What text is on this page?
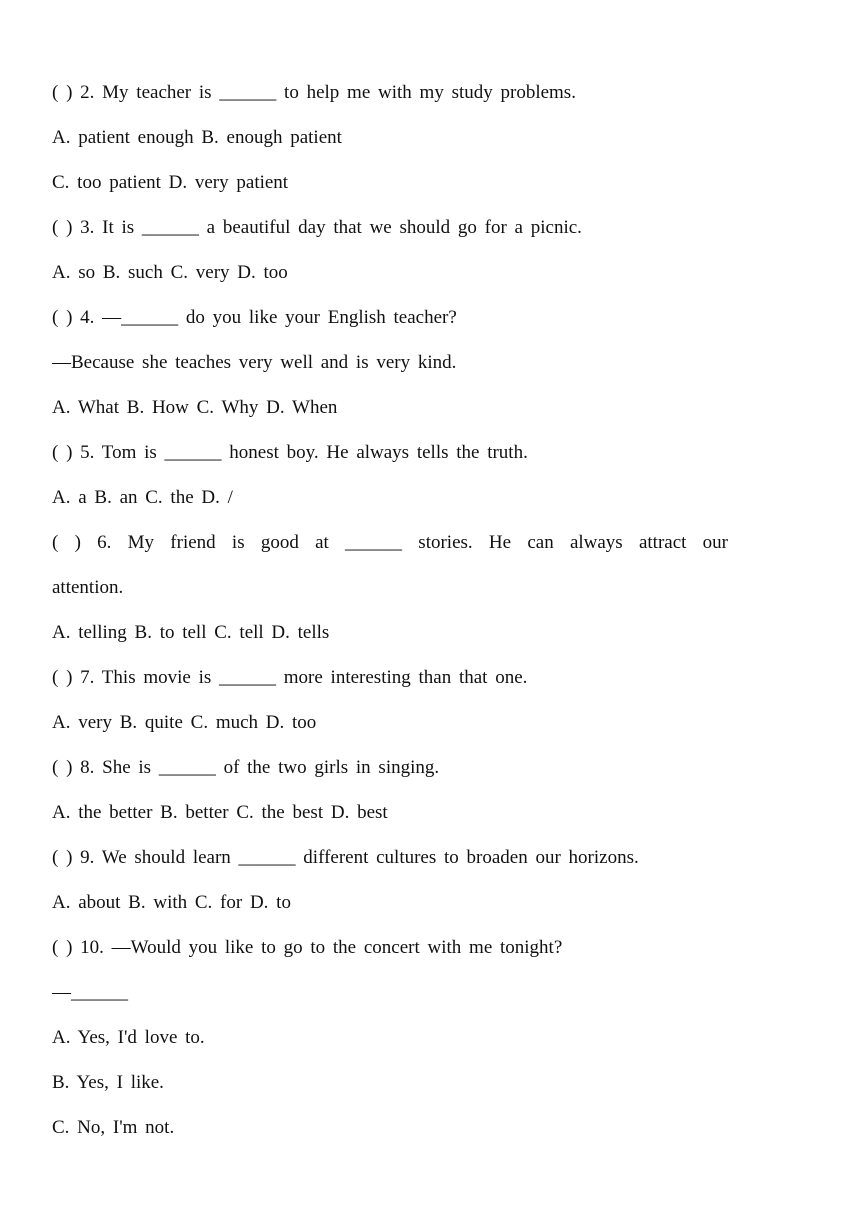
( ) 2. My teacher is ______ to help me with my study problems.
A. patient enough B. enough patient
C. too patient D. very patient
( ) 3. It is ______ a beautiful day that we should go for a picnic.
A. so B. such C. very D. too
( ) 4. —______ do you like your English teacher?
—Because she teaches very well and is very kind.
A. What B. How C. Why D. When
( ) 5. Tom is ______ honest boy. He always tells the truth.
A. a B. an C. the D. /
( ) 6. My friend is good at ______ stories. He can always attract our
attention.
A. telling B. to tell C. tell D. tells
( ) 7. This movie is ______ more interesting than that one.
A. very B. quite C. much D. too
( ) 8. She is ______ of the two girls in singing.
A. the better B. better C. the best D. best
( ) 9. We should learn ______ different cultures to broaden our horizons.
A. about B. with C. for D. to
( ) 10. —Would you like to go to the concert with me tonight?
—______
A. Yes, I'd love to.
B. Yes, I like.
C. No, I'm not.
